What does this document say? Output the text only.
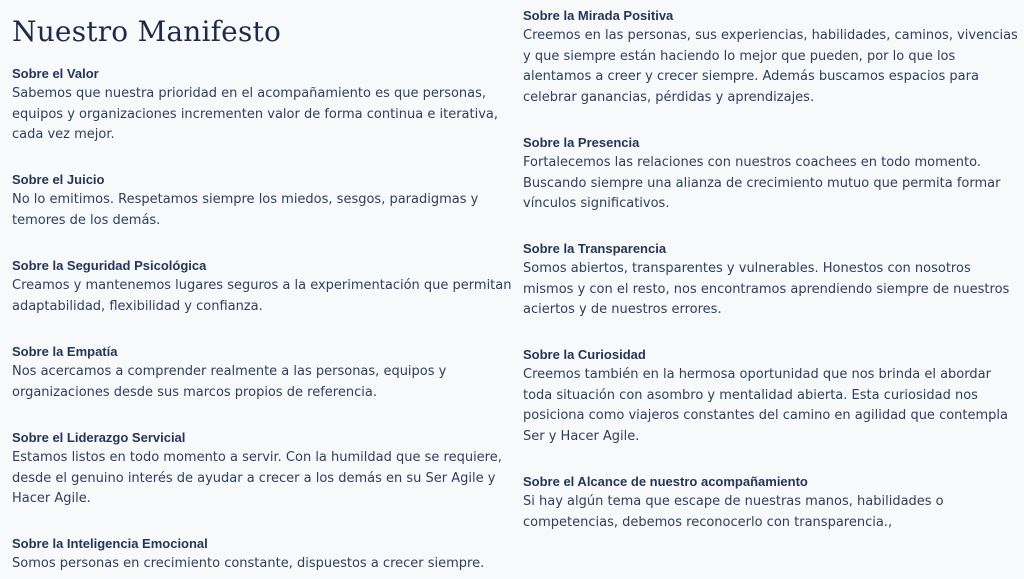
Nuestro Manifesto
Sobre el Valor

Sabemos que nuestra prioridad en el acompañamiento es que personas,
equipos y organizaciones incrementen valor de forma continua e iterativa,
cada vez mejor.

Sobre el Juicio

No lo emitimos. Respetamos siempre los miedos, sesgos, paradigmas y
temores de los demás.

Sobre la Seguridad Psicológica

Creamos y mantenemos lugares seguros a la experimentación que permitan
adaptabilidad, flexibilidad y confianza.

Sobre la Empatía

Nos acercamos a comprender realmente a las personas, equipos y
organizaciones desde sus marcos propios de referencia.

Sobre el Liderazgo Servicial

Estamos listos en todo momento a servir. Con la humildad que se requiere,
desde el genuino interés de ayudar a crecer a los demás en su Ser Agile y
Hacer Agile.

Sobre la Inteligencia Emocional

Somos personas en crecimiento constante, dispuestos a crecer siempre.

Sobre la Mirada Positiva

Creemos en las personas, sus experiencias, habilidades, caminos, vivencias
y que siempre están haciendo lo mejor que pueden, por lo que los
alentamos a creer y crecer siempre. Además buscamos espacios para
celebrar ganancias, pérdidas y aprendizajes.

Sobre la Presencia

Fortalecemos las relaciones con nuestros coachees en todo momento.
Buscando siempre una alianza de crecimiento mutuo que permita formar
vínculos significativos.

Sobre la Transparencia

Somos abiertos, transparentes y vulnerables. Honestos con nosotros
mismos y con el resto, nos encontramos aprendiendo siempre de nuestros
aciertos y de nuestros errores.

Sobre la Curiosidad

Creemos también en la hermosa oportunidad que nos brinda el abordar
toda situación con asombro y mentalidad abierta. Esta curiosidad nos
posiciona como viajeros constantes del camino en agilidad que contempla
Ser y Hacer Agile.

Sobre el Alcance de nuestro acompañamiento

Si hay algún tema que escape de nuestras manos, habilidades o
competencias, debemos reconocerlo con transparencia.,
